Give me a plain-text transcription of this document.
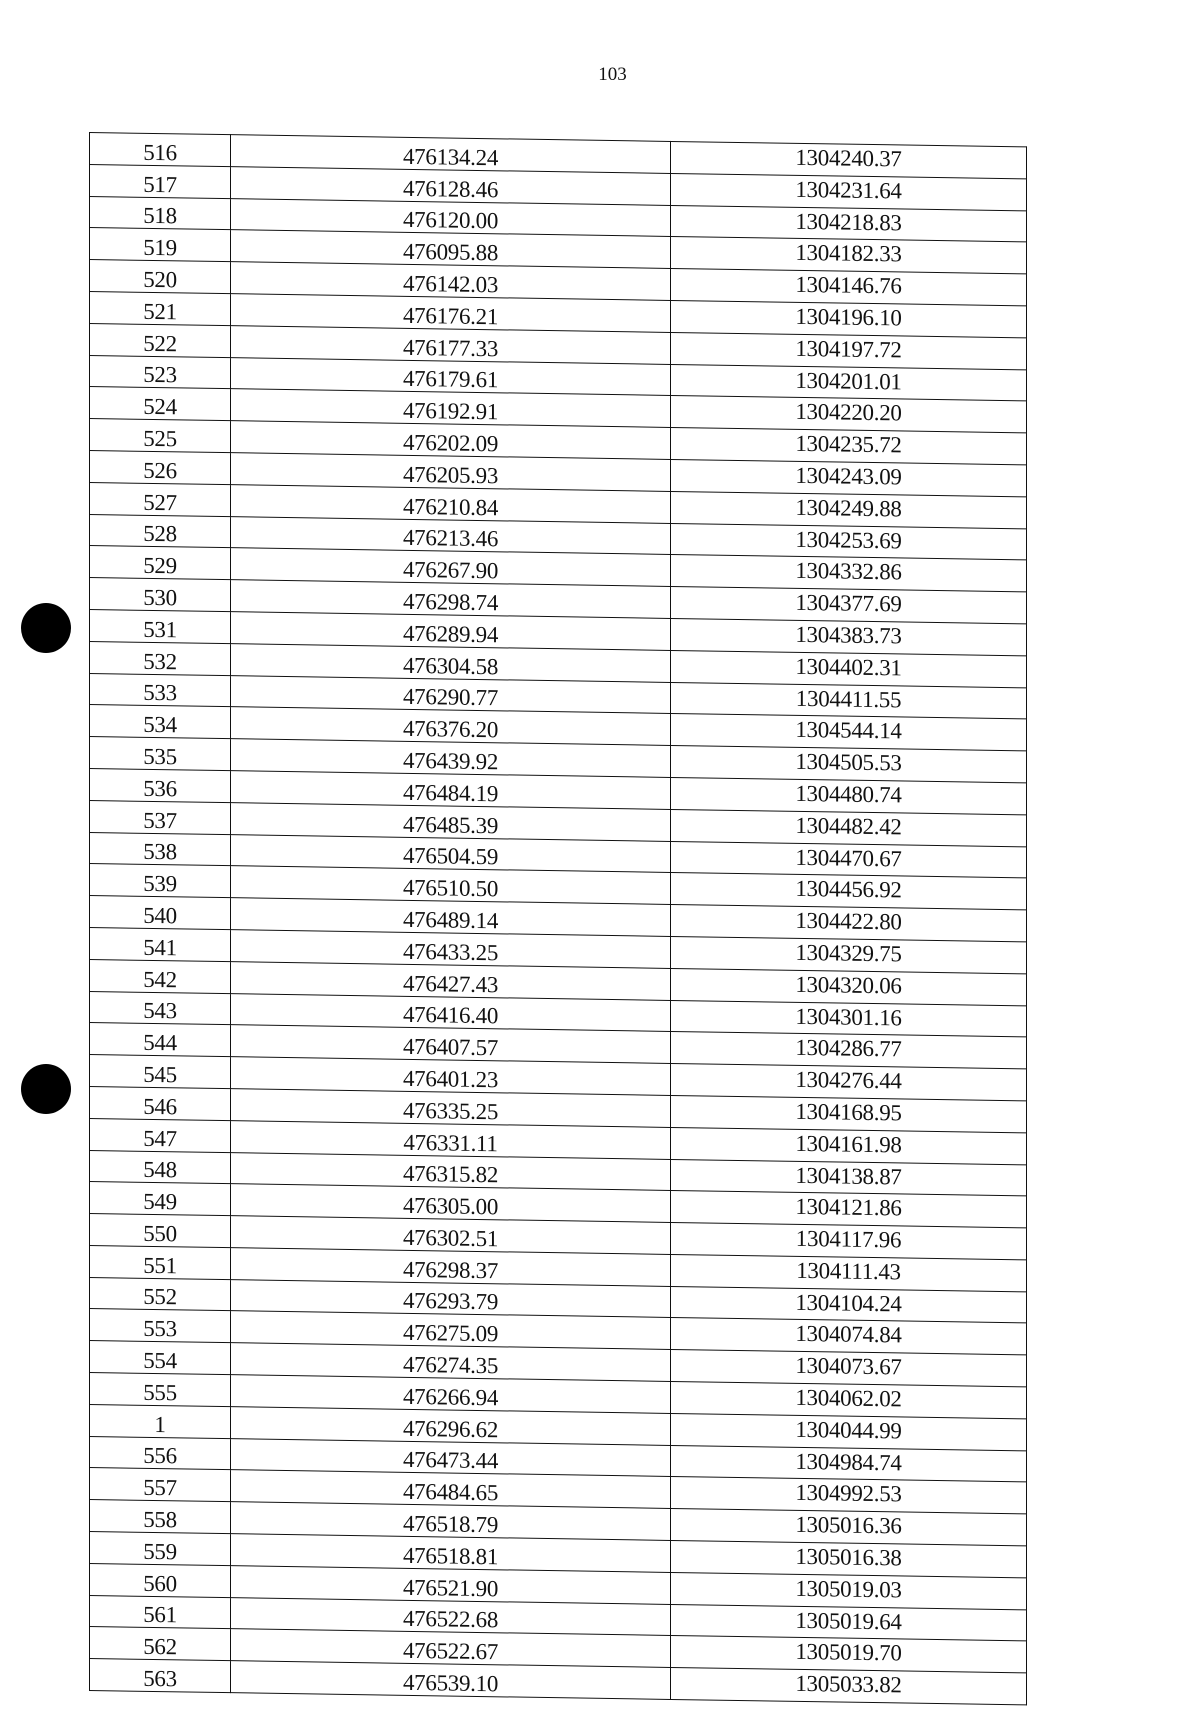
103
516	476134.24	1304240.37
517	476128.46	1304231.64
518	476120.00	1304218.83
519	476095.88	1304182.33
520	476142.03	1304146.76
521	476176.21	1304196.10
522	476177.33	1304197.72
523	476179.61	1304201.01
524	476192.91	1304220.20
525	476202.09	1304235.72
526	476205.93	1304243.09
527	476210.84	1304249.88
528	476213.46	1304253.69
529	476267.90	1304332.86
530	476298.74	1304377.69
531	476289.94	1304383.73
532	476304.58	1304402.31
533	476290.77	1304411.55
534	476376.20	1304544.14
535	476439.92	1304505.53
536	476484.19	1304480.74
537	476485.39	1304482.42
538	476504.59	1304470.67
539	476510.50	1304456.92
540	476489.14	1304422.80
541	476433.25	1304329.75
542	476427.43	1304320.06
543	476416.40	1304301.16
544	476407.57	1304286.77
545	476401.23	1304276.44
546	476335.25	1304168.95
547	476331.11	1304161.98
548	476315.82	1304138.87
549	476305.00	1304121.86
550	476302.51	1304117.96
551	476298.37	1304111.43
552	476293.79	1304104.24
553	476275.09	1304074.84
554	476274.35	1304073.67
555	476266.94	1304062.02
1	476296.62	1304044.99
556	476473.44	1304984.74
557	476484.65	1304992.53
558	476518.79	1305016.36
559	476518.81	1305016.38
560	476521.90	1305019.03
561	476522.68	1305019.64
562	476522.67	1305019.70
563	476539.10	1305033.82
